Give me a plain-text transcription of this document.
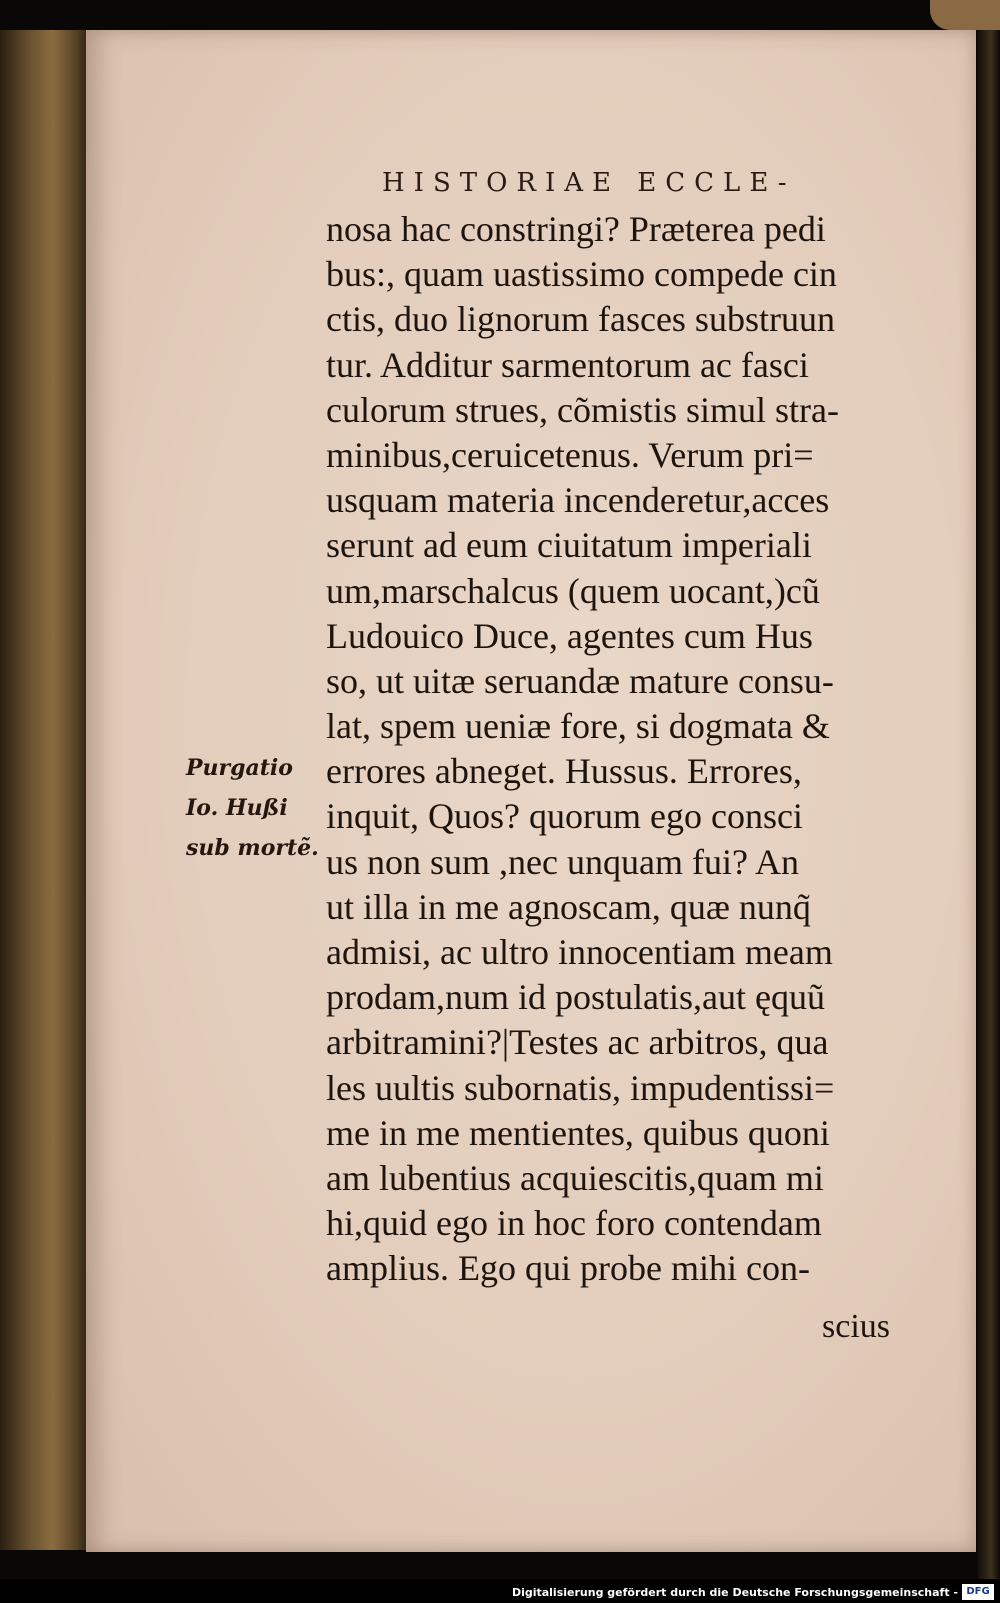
HISTORIAE ECCLE-
Purgatio
Io. Hußi
sub mortẽ.
nosa hac constringi? Præterea pedi
bus:, quam uastissimo compede cin
ctis, duo lignorum fasces substruun
tur. Additur sarmentorum ac fasci
culorum strues, cõmistis simul stra-
minibus,ceruicetenus. Verum pri=
usquam materia incenderetur,acces
serunt ad eum ciuitatum imperiali
um,marschalcus (quem uocant,)cũ
Ludouico Duce, agentes cum Hus
so, ut uitæ seruandæ mature consu-
lat, spem ueniæ fore, si dogmata &
errores abneget. Hussus. Errores,
inquit, Quos? quorum ego consci
us non sum ,nec unquam fui? An
ut illa in me agnoscam, quæ nunq̃
admisi, ac ultro innocentiam meam
prodam,num id postulatis,aut ęquũ
arbitramini?|Testes ac arbitros, qua
les uultis subornatis, impudentissi=
me in me mentientes, quibus quoni
am lubentius acquiescitis,quam mi
hi,quid ego in hoc foro contendam
amplius. Ego qui probe mihi con-
scius
Digitalisierung gefördert durch die Deutsche Forschungsgemeinschaft - DFG
